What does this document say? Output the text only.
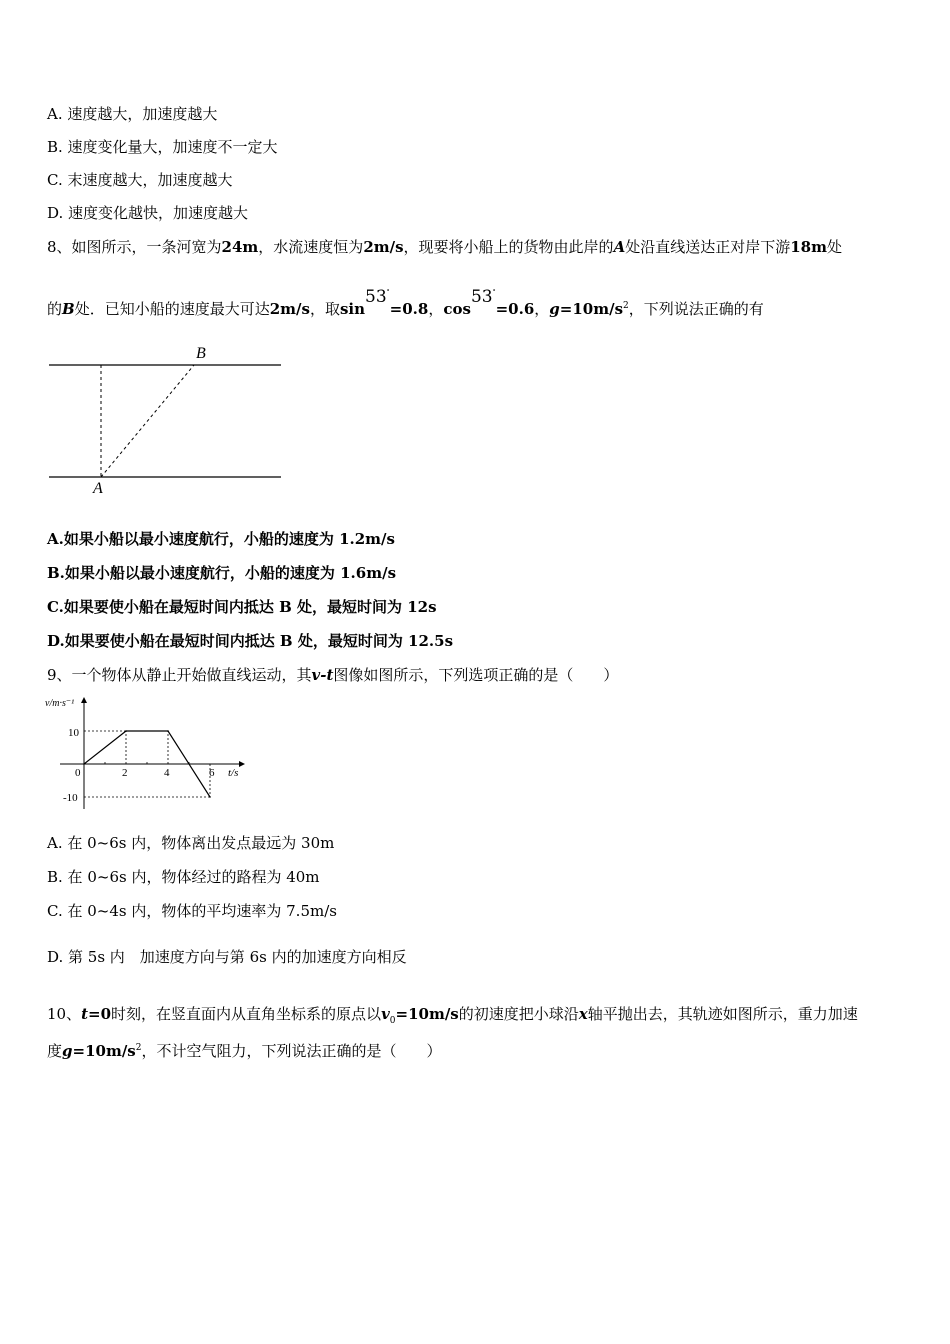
A. 速度越大，加速度越大
B. 速度变化量大，加速度不一定大
C. 末速度越大，加速度越大
D. 速度变化越快，加速度越大
8、如图所示，一条河宽为24m，水流速度恒为2m/s，现要将小船上的货物由此岸的A处沿直线送达正对岸下游18m处
的B处．已知小船的速度最大可达2m/s，取sin53°=0.8，cos53°=0.6，$g=10m/s^2$，下列说法正确的有
B
A
A.如果小船以最小速度航行，小船的速度为 1.2m/s
B.如果小船以最小速度航行，小船的速度为 1.6m/s
C.如果要使小船在最短时间内抵达 B 处，最短时间为 12s
D.如果要使小船在最短时间内抵达 B 处，最短时间为 12.5s
9、一个物体从静止开始做直线运动，其v-t图像如图所示，下列选项正确的是（　　）
v/m·s⁻¹
t/s
0	2	4	6
10
-10
A. 在 0~6s 内，物体离出发点最远为 30m
B. 在 0~6s 内，物体经过的路程为 40m
C. 在 0~4s 内，物体的平均速率为 7.5m/s
D. 第 5s 内　加速度方向与第 6s 内的加速度方向相反
10、t=0时刻，在竖直面内从直角坐标系的原点以$v_0=10m/s$的初速度把小球沿x轴平抛出去，其轨迹如图所示，重力加速
度$g=10m/s^2$，不计空气阻力，下列说法正确的是（　　）
